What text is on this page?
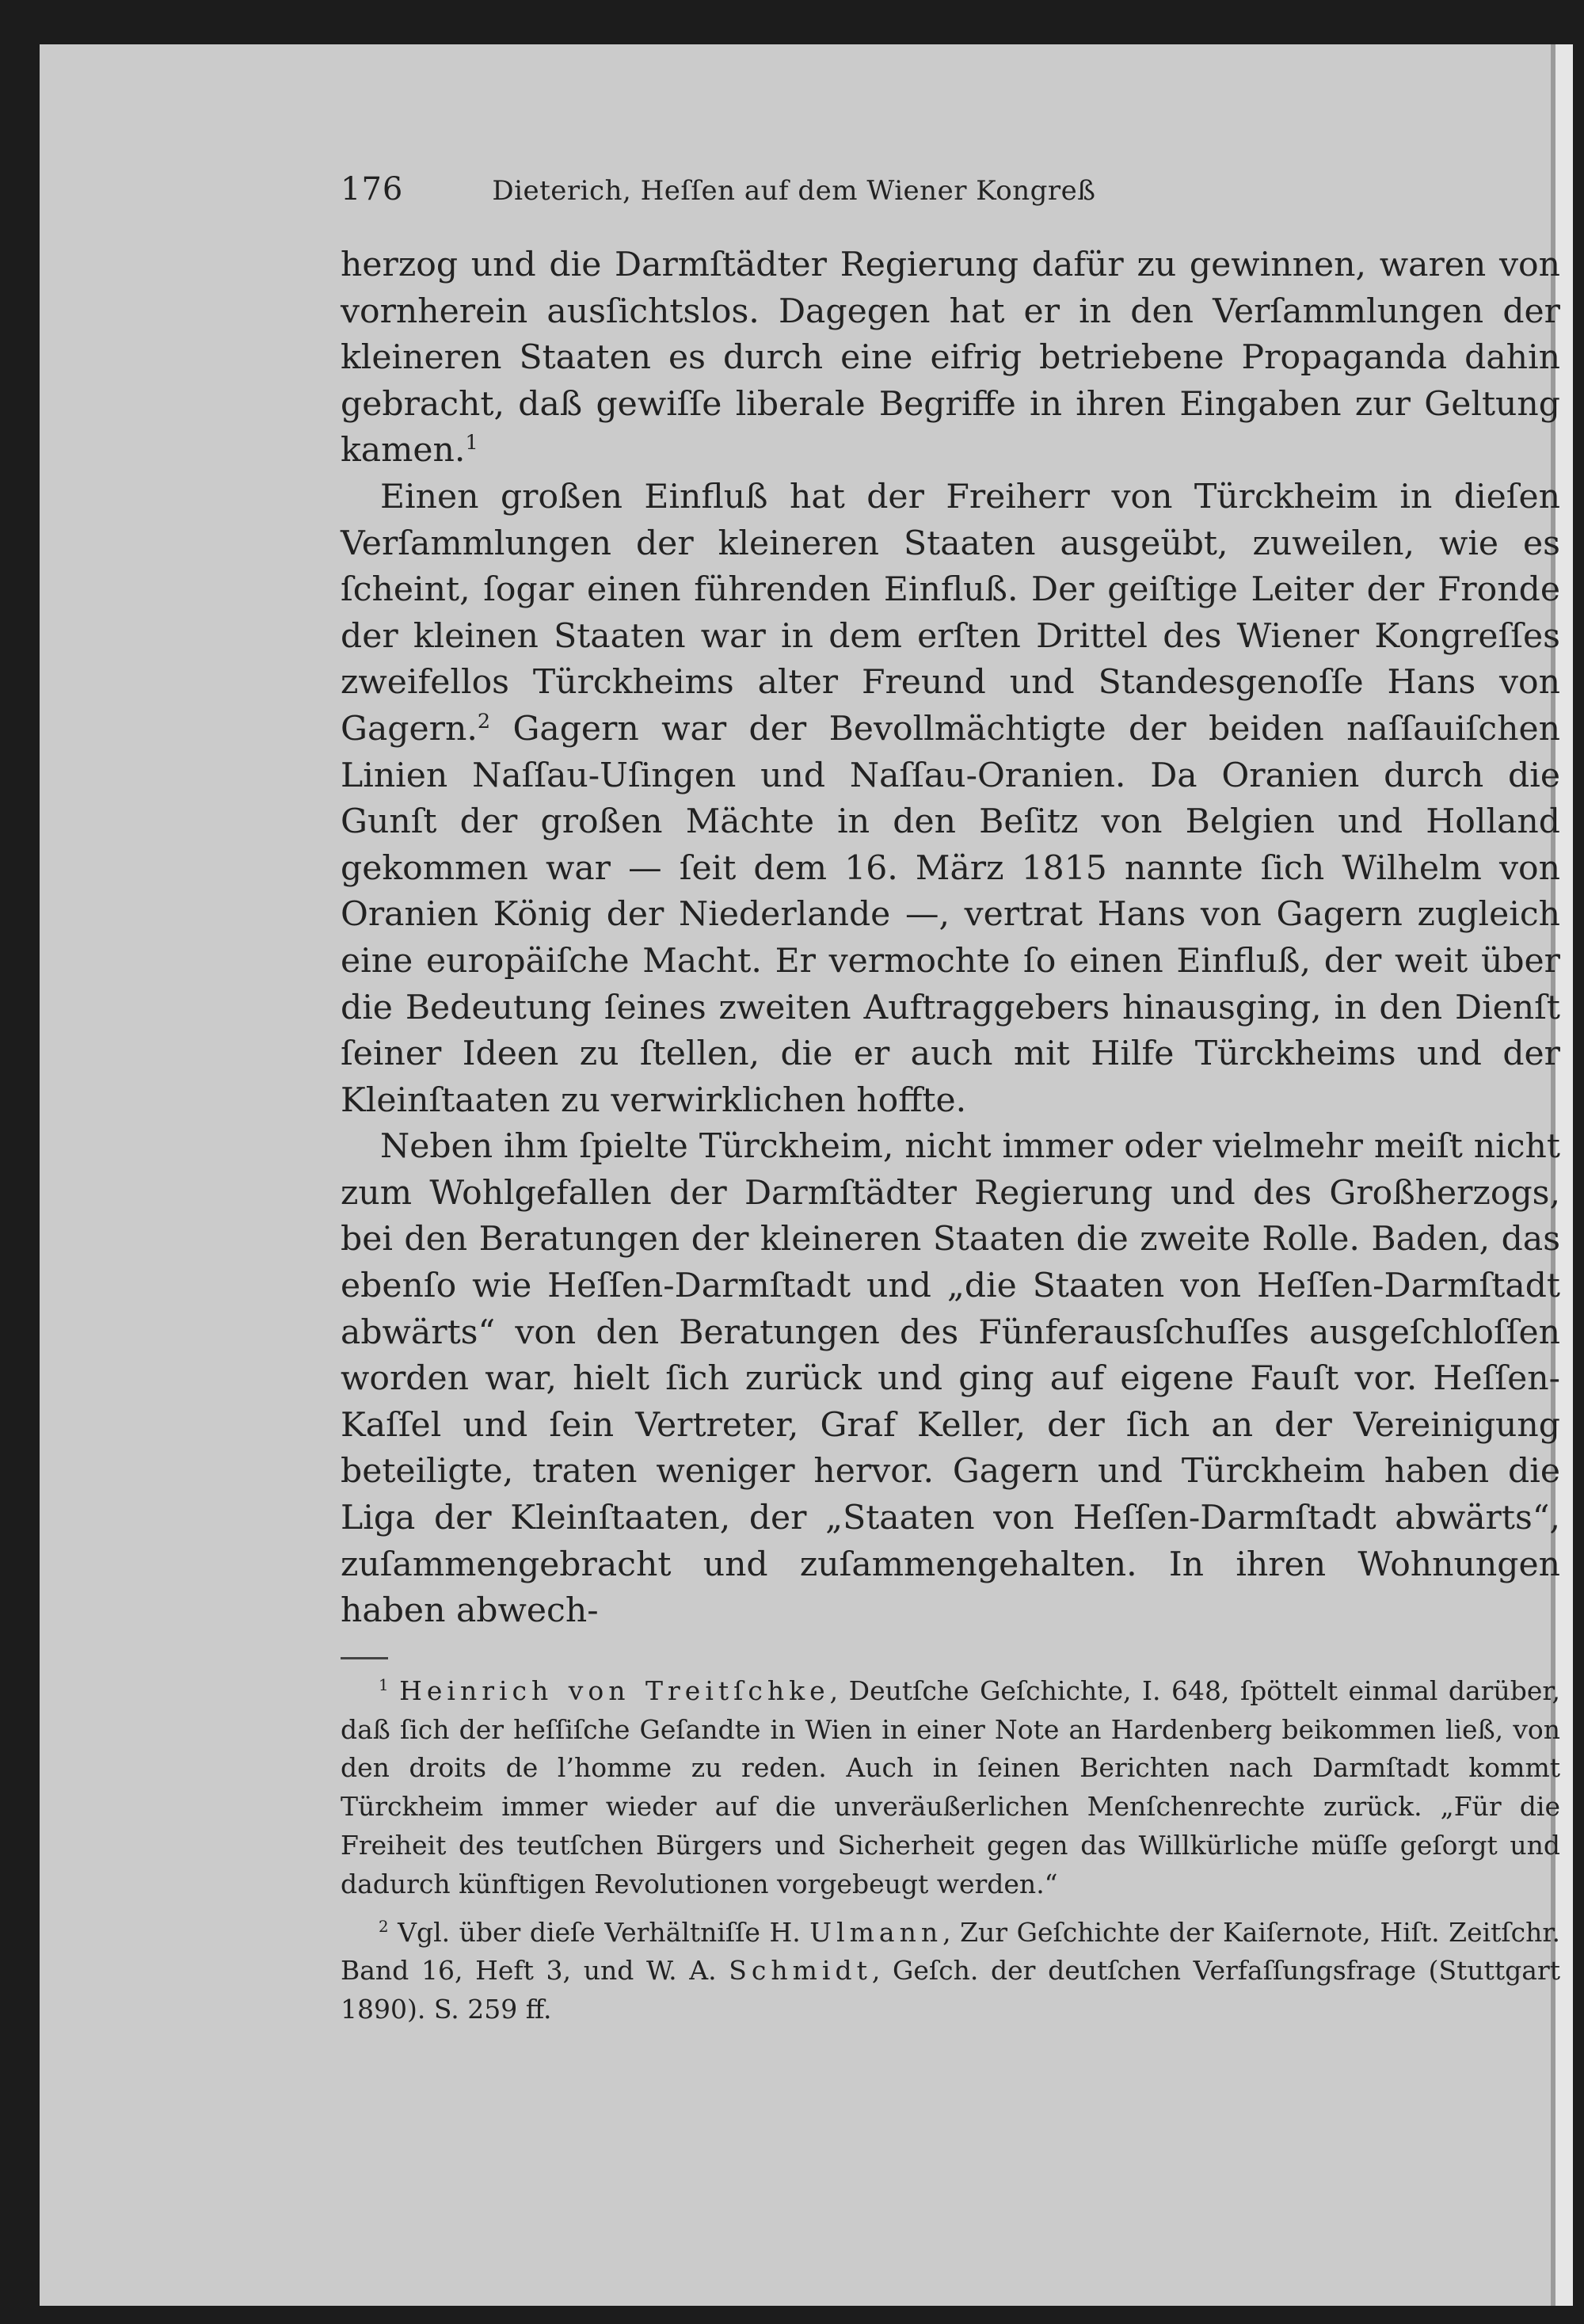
176	Dieterich, Heſſen auf dem Wiener Kongreß

herzog und die Darmſtädter Regierung dafür zu gewinnen, waren von vornherein ausſichtslos. Dagegen hat er in den Verſammlungen der kleineren Staaten es durch eine eifrig betriebene Propaganda dahin gebracht, daß gewiſſe liberale Begriffe in ihren Eingaben zur Geltung kamen.$^1$

Einen großen Einfluß hat der Freiherr von Türckheim in dieſen Verſammlungen der kleineren Staaten ausgeübt, zuweilen, wie es ſcheint, ſogar einen führenden Einfluß. Der geiſtige Leiter der Fronde der kleinen Staaten war in dem erſten Drittel des Wiener Kongreſſes zweifellos Türckheims alter Freund und Standesgenoſſe Hans von Gagern.$^2$ Gagern war der Bevollmächtigte der beiden naſſauiſchen Linien Naſſau-Uſingen und Naſſau-Oranien. Da Oranien durch die Gunſt der großen Mächte in den Beſitz von Belgien und Holland gekommen war — ſeit dem 16. März 1815 nannte ſich Wilhelm von Oranien König der Niederlande —, vertrat Hans von Gagern zugleich eine europäiſche Macht. Er vermochte ſo einen Einfluß, der weit über die Bedeutung ſeines zweiten Auftraggebers hinausging, in den Dienſt ſeiner Ideen zu ſtellen, die er auch mit Hilfe Türckheims und der Kleinſtaaten zu verwirklichen hoffte.

Neben ihm ſpielte Türckheim, nicht immer oder vielmehr meiſt nicht zum Wohlgefallen der Darmſtädter Regierung und des Großherzogs, bei den Beratungen der kleineren Staaten die zweite Rolle. Baden, das ebenſo wie Heſſen-Darmſtadt und „die Staaten von Heſſen-Darmſtadt abwärts“ von den Beratungen des Fünferausſchuſſes ausgeſchloſſen worden war, hielt ſich zurück und ging auf eigene Fauſt vor. Heſſen-Kaſſel und ſein Vertreter, Graf Keller, der ſich an der Vereinigung beteiligte, traten weniger hervor. Gagern und Türckheim haben die Liga der Kleinſtaaten, der „Staaten von Heſſen-Darmſtadt abwärts“, zuſammengebracht und zuſammengehalten. In ihren Wohnungen haben abwech-

$^1$ Heinrich von Treitſchke, Deutſche Geſchichte, I. 648, ſpöttelt einmal darüber, daß ſich der heſſiſche Geſandte in Wien in einer Note an Hardenberg beikommen ließ, von den droits de l’homme zu reden. Auch in ſeinen Berichten nach Darmſtadt kommt Türckheim immer wieder auf die unveräußerlichen Menſchenrechte zurück. „Für die Freiheit des teutſchen Bürgers und Sicherheit gegen das Willkürliche müſſe geſorgt und dadurch künftigen Revolutionen vorgebeugt werden.“

$^2$ Vgl. über dieſe Verhältniſſe H. Ulmann, Zur Geſchichte der Kaiſernote, Hiſt. Zeitſchr. Band 16, Heft 3, und W. A. Schmidt, Geſch. der deutſchen Verfaſſungsfrage (Stuttgart 1890). S. 259 ff.
